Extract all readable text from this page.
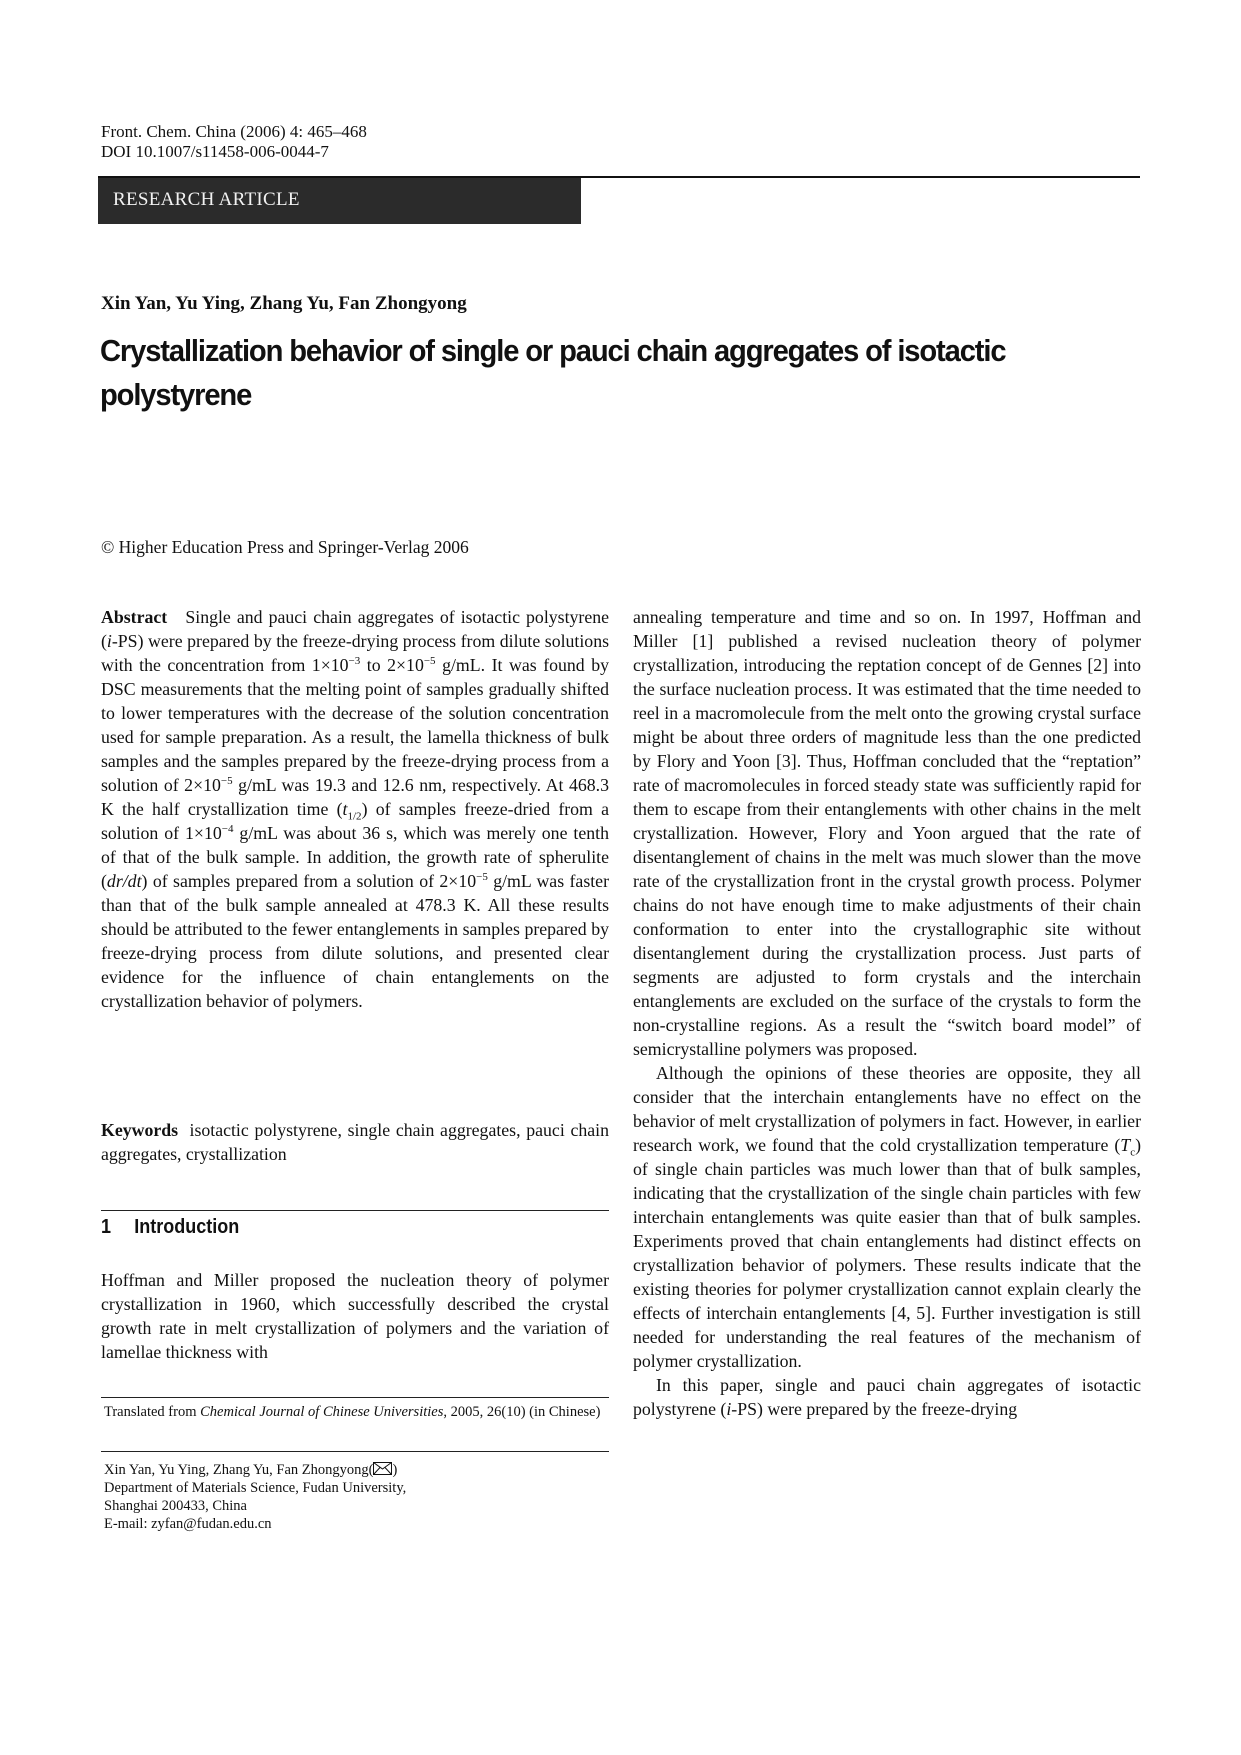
Front. Chem. China (2006) 4: 465–468
DOI 10.1007/s11458-006-0044-7
RESEARCH ARTICLE
Xin Yan, Yu Ying, Zhang Yu, Fan Zhongyong
Crystallization behavior of single or pauci chain aggregates of isotactic polystyrene
© Higher Education Press and Springer-Verlag 2006

Abstract Single and pauci chain aggregates of isotactic polystyrene (i-PS) were prepared by the freeze-drying process from dilute solutions with the concentration from $1\times 10^{-3}$ to $2\times 10^{-5}$ g/mL. It was found by DSC measurements that the melting point of samples gradually shifted to lower temperatures with the decrease of the solution concentration used for sample preparation. As a result, the lamella thickness of bulk samples and the samples prepared by the freeze-drying process from a solution of $2\times 10^{-5}$ g/mL was 19.3 and 12.6 nm, respectively. At 468.3 K the half crystallization time $(t_{1/2})$ of samples freeze-dried from a solution of $1\times 10^{-4}$ g/mL was about 36 s, which was merely one tenth of that of the bulk sample. In addition, the growth rate of spherulite (dr/dt) of samples prepared from a solution of $2\times 10^{-5}$ g/mL was faster than that of the bulk sample annealed at 478.3 K. All these results should be attributed to the fewer entanglements in samples prepared by freeze-drying process from dilute solutions, and presented clear evidence for the influence of chain entanglements on the crystallization behavior of polymers.

Keywords isotactic polystyrene, single chain aggregates, pauci chain aggregates, crystallization

1 Introduction

Hoffman and Miller proposed the nucleation theory of polymer crystallization in 1960, which successfully described the crystal growth rate in melt crystallization of polymers and the variation of lamellae thickness with

Translated from Chemical Journal of Chinese Universities, 2005, 26(10) (in Chinese)
Xin Yan, Yu Ying, Zhang Yu, Fan Zhongyong( )
Department of Materials Science, Fudan University,
Shanghai 200433, China
E-mail: zyfan@fudan.edu.cn

annealing temperature and time and so on. In 1997, Hoffman and Miller [1] published a revised nucleation theory of polymer crystallization, introducing the reptation concept of de Gennes [2] into the surface nucleation process. It was estimated that the time needed to reel in a macromolecule from the melt onto the growing crystal surface might be about three orders of magnitude less than the one predicted by Flory and Yoon [3]. Thus, Hoffman concluded that the “reptation” rate of macromolecules in forced steady state was sufficiently rapid for them to escape from their entanglements with other chains in the melt crystallization. However, Flory and Yoon argued that the rate of disentanglement of chains in the melt was much slower than the move rate of the crystallization front in the crystal growth process. Polymer chains do not have enough time to make adjustments of their chain conformation to enter into the crystallographic site without disentanglement during the crystallization process. Just parts of segments are adjusted to form crystals and the interchain entanglements are excluded on the surface of the crystals to form the non-crystalline regions. As a result the “switch board model” of semicrystalline polymers was proposed.

Although the opinions of these theories are opposite, they all consider that the interchain entanglements have no effect on the behavior of melt crystallization of polymers in fact. However, in earlier research work, we found that the cold crystallization temperature $(T_c)$ of single chain particles was much lower than that of bulk samples, indicating that the crystallization of the single chain particles with few interchain entanglements was quite easier than that of bulk samples. Experiments proved that chain entanglements had distinct effects on crystallization behavior of polymers. These results indicate that the existing theories for polymer crystallization cannot explain clearly the effects of interchain entanglements [4, 5]. Further investigation is still needed for understanding the real features of the mechanism of polymer crystallization.

In this paper, single and pauci chain aggregates of isotactic polystyrene (i-PS) were prepared by the freeze-drying
